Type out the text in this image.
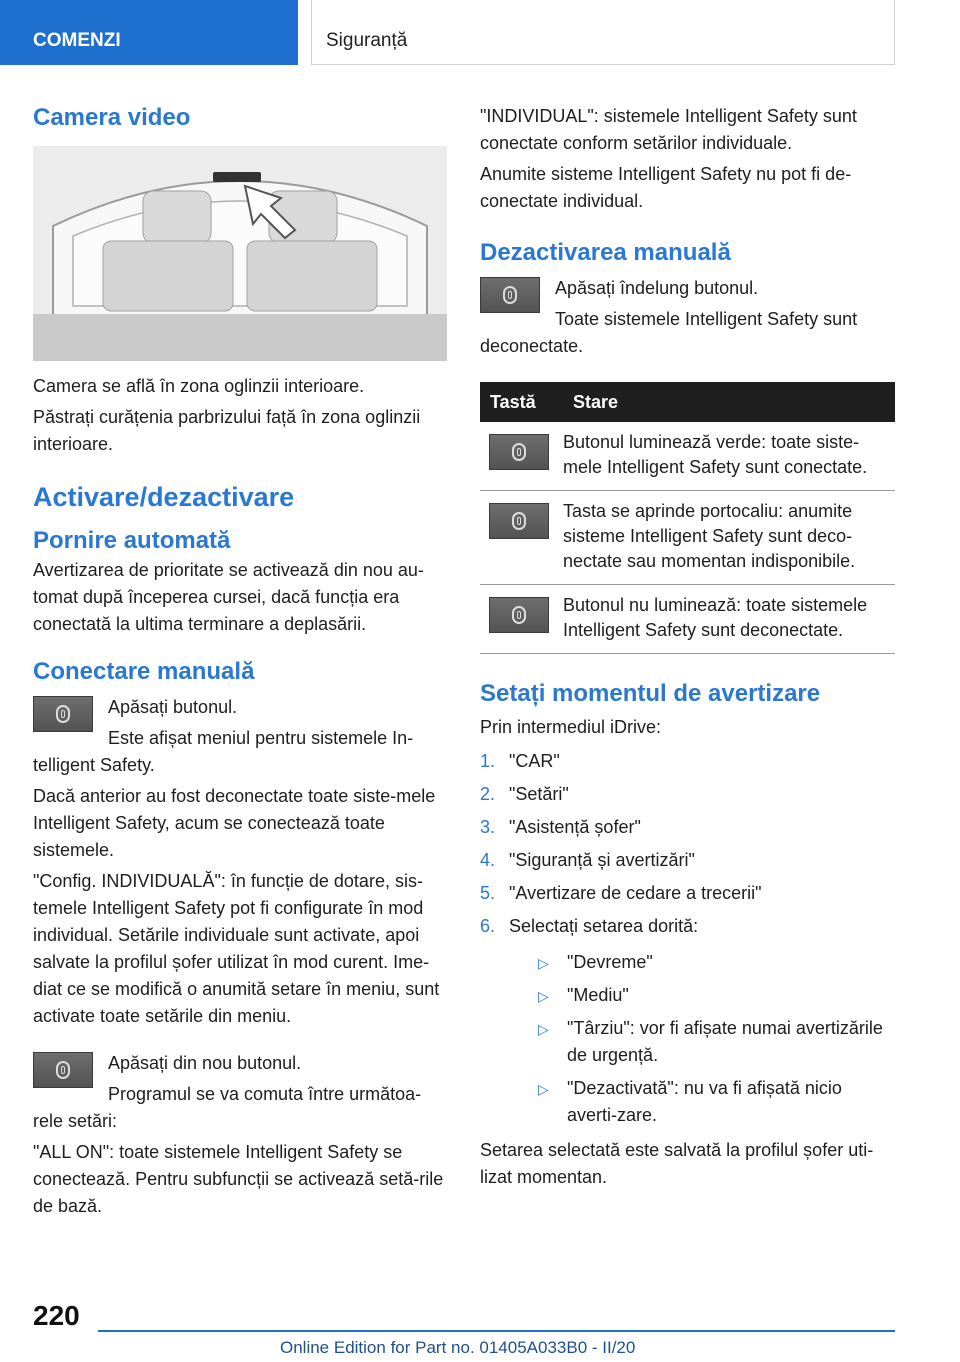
COMENZI	Siguranță
Camera video

Camera se află în zona oglinzii interioare.

Păstrați curățenia parbrizului față în zona oglinzii interioare.

Activare/dezactivare
Pornire automată

Avertizarea de prioritate se activează din nou au-tomat după începerea cursei, dacă funcția era conectată la ultima terminare a deplasării.

Conectare manuală

Apăsați butonul.

Este afișat meniul pentru sistemele In-

telligent Safety.

Dacă anterior au fost deconectate toate siste-mele Intelligent Safety, acum se conectează toate sistemele.

"Config. INDIVIDUALĂ": în funcție de dotare, sis-temele Intelligent Safety pot fi configurate în mod individual. Setările individuale sunt activate, apoi salvate la profilul șofer utilizat în mod curent. Ime-diat ce se modifică o anumită setare în meniu, sunt activate toate setările din meniu.

Apăsați din nou butonul.

Programul se va comuta între următoa-

rele setări:

"ALL ON": toate sistemele Intelligent Safety se conectează. Pentru subfuncții se activează setă-rile de bază.

"INDIVIDUAL": sistemele Intelligent Safety sunt conectate conform setărilor individuale.

Anumite sisteme Intelligent Safety nu pot fi de-conectate individual.

Dezactivarea manuală

Apăsați îndelung butonul.

Toate sistemele Intelligent Safety sunt

deconectate.

Tastă	Stare

	Butonul luminează verde: toate siste-mele Intelligent Safety sunt conectate.

	Tasta se aprinde portocaliu: anumite sisteme Intelligent Safety sunt deco-nectate sau momentan indisponibile.

	Butonul nu luminează: toate sistemele Intelligent Safety sunt deconectate.
Setați momentul de avertizare

Prin intermediul iDrive:

1. "CAR"
2. "Setări"
3. "Asistență șofer"
4. "Siguranță și avertizări"
5. "Avertizare de cedare a trecerii"
6. Selectați setarea dorită:
▷ "Devreme"
▷ "Mediu"
▷ "Târziu": vor fi afișate numai avertizările de urgență.
▷ "Dezactivată": nu va fi afișată nicio averti-zare.

Setarea selectată este salvată la profilul șofer uti-lizat momentan.

220
Online Edition for Part no. 01405A033B0 - II/20
